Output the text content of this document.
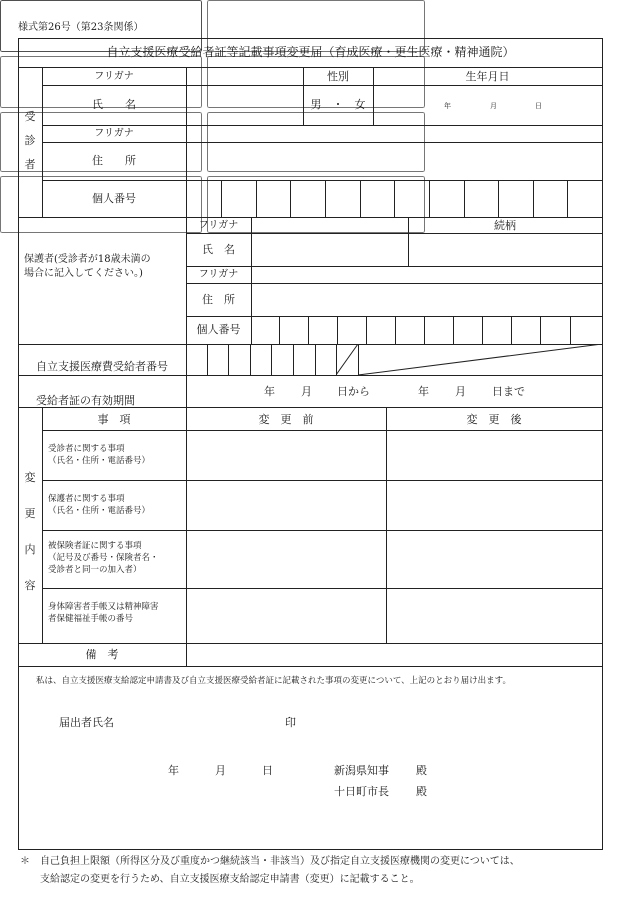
様式第26号（第23条関係）
自立支援医療受給者証等記載事項変更届（育成医療・更生医療・精神通院）
受
診
者
フリガナ	性別	生年月日
氏　　名	男　・　女	年	月	日
フリガナ
住　　所
個人番号
保護者(受診者が18歳未満の
場合に記入してください。)
フリガナ	続柄
氏　名
フリガナ
住　所
個人番号
自立支援医療費受給者番号
受給者証の有効期間
年 月 日から	年 月 日まで
変
更
内
容
事　項	変　更　前	変　更　後
受診者に関する事項
（氏名・住所・電話番号）

保護者に関する事項
（氏名・住所・電話番号）

被保険者証に関する事項
（記号及び番号・保険者名・
受診者と同一の加入者）

身体障害者手帳又は精神障害
者保健福祉手帳の番号

備　考
私は、自立支援医療支給認定申請書及び自立支援医療受給者証に記載された事項の変更について、上記のとおり届け出ます。
届出者氏名	印
年	月	日	新潟県知事 殿
十日町市長 殿
＊ 自己負担上限額（所得区分及び重度かつ継続該当・非該当）及び指定自立支援医療機関の変更については、
支給認定の変更を行うため、自立支援医療支給認定申請書（変更）に記載すること。
